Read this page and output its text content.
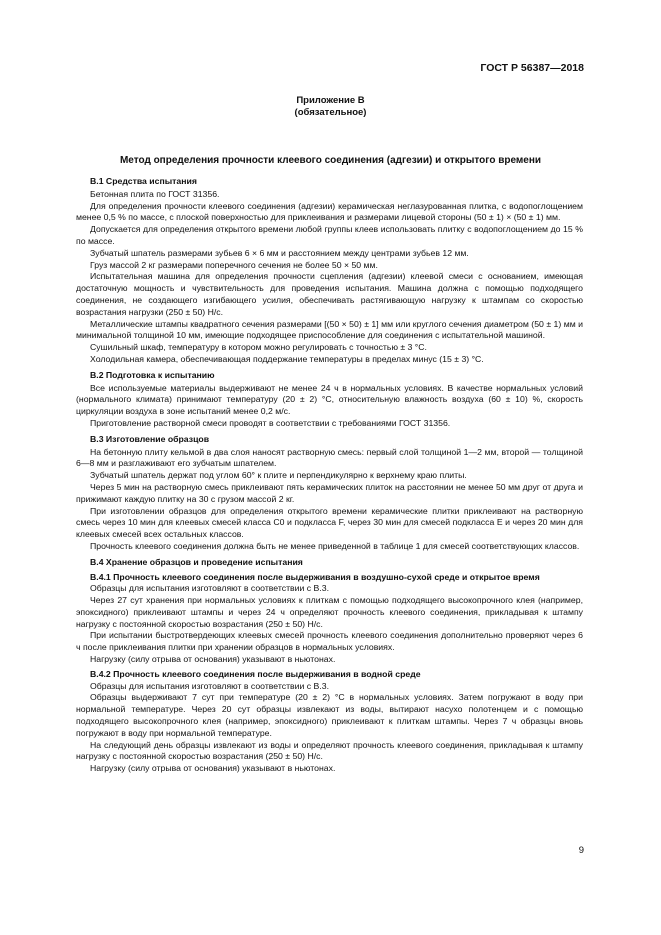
ГОСТ Р 56387—2018
Приложение В
(обязательное)
Метод определения прочности клеевого соединения (адгезии) и открытого времени
В.1 Средства испытания

Бетонная плита по ГОСТ 31356.

Для определения прочности клеевого соединения (адгезии) керамическая неглазурованная плитка, с водопоглощением менее 0,5 % по массе, с плоской поверхностью для приклеивания и размерами лицевой стороны (50 ± 1) × (50 ± 1) мм.

Допускается для определения открытого времени любой группы клеев использовать плитку с водопоглощением до 15 % по массе.

Зубчатый шпатель размерами зубьев 6 × 6 мм и расстоянием между центрами зубьев 12 мм.

Груз массой 2 кг размерами поперечного сечения не более 50 × 50 мм.

Испытательная машина для определения прочности сцепления (адгезии) клеевой смеси с основанием, имеющая достаточную мощность и чувствительность для проведения испытания. Машина должна с помощью подходящего соединения, не создающего изгибающего усилия, обеспечивать растягивающую нагрузку к штампам со скоростью возрастания нагрузки (250 ± 50) Н/с.

Металлические штампы квадратного сечения размерами [(50 × 50) ± 1] мм или круглого сечения диаметром (50 ± 1) мм и минимальной толщиной 10 мм, имеющие подходящее приспособление для соединения с испытательной машиной.

Сушильный шкаф, температуру в котором можно регулировать с точностью ± 3 °С.

Холодильная камера, обеспечивающая поддержание температуры в пределах минус (15 ± 3) °С.

В.2 Подготовка к испытанию

Все используемые материалы выдерживают не менее 24 ч в нормальных условиях. В качестве нормальных условий (нормального климата) принимают температуру (20 ± 2) °С, относительную влажность воздуха (60 ± 10) %, скорость циркуляции воздуха в зоне испытаний менее 0,2 м/с.

Приготовление растворной смеси проводят в соответствии с требованиями ГОСТ 31356.

В.3 Изготовление образцов

На бетонную плиту кельмой в два слоя наносят растворную смесь: первый слой толщиной 1—2 мм, второй — толщиной 6—8 мм и разглаживают его зубчатым шпателем.

Зубчатый шпатель держат под углом 60° к плите и перпендикулярно к верхнему краю плиты.

Через 5 мин на растворную смесь приклеивают пять керамических плиток на расстоянии не менее 50 мм друг от друга и прижимают каждую плитку на 30 с грузом массой 2 кг.

При изготовлении образцов для определения открытого времени керамические плитки приклеивают на растворную смесь через 10 мин для клеевых смесей класса С0 и подкласса F, через 30 мин для смесей подкласса E и через 20 мин для клеевых смесей всех остальных классов.

Прочность клеевого соединения должна быть не менее приведенной в таблице 1 для смесей соответствующих классов.

В.4 Хранение образцов и проведение испытания
В.4.1 Прочность клеевого соединения после выдерживания в воздушно-сухой среде и открытое время

Образцы для испытания изготовляют в соответствии с В.3.

Через 27 сут хранения при нормальных условиях к плиткам с помощью подходящего высокопрочного клея (например, эпоксидного) приклеивают штампы и через 24 ч определяют прочность клеевого соединения, прикладывая к штампу нагрузку с постоянной скоростью возрастания (250 ± 50) Н/с.

При испытании быстротвердеющих клеевых смесей прочность клеевого соединения дополнительно проверяют через 6 ч после приклеивания плитки при хранении образцов в нормальных условиях.

Нагрузку (силу отрыва от основания) указывают в ньютонах.

В.4.2 Прочность клеевого соединения после выдерживания в водной среде

Образцы для испытания изготовляют в соответствии с В.3.

Образцы выдерживают 7 сут при температуре (20 ± 2) °С в нормальных условиях. Затем погружают в воду при нормальной температуре. Через 20 сут образцы извлекают из воды, вытирают насухо полотенцем и с помощью подходящего высокопрочного клея (например, эпоксидного) приклеивают к плиткам штампы. Через 7 ч образцы вновь погружают в воду при нормальной температуре.

На следующий день образцы извлекают из воды и определяют прочность клеевого соединения, прикладывая к штампу нагрузку с постоянной скоростью возрастания (250 ± 50) Н/с.

Нагрузку (силу отрыва от основания) указывают в ньютонах.

9
